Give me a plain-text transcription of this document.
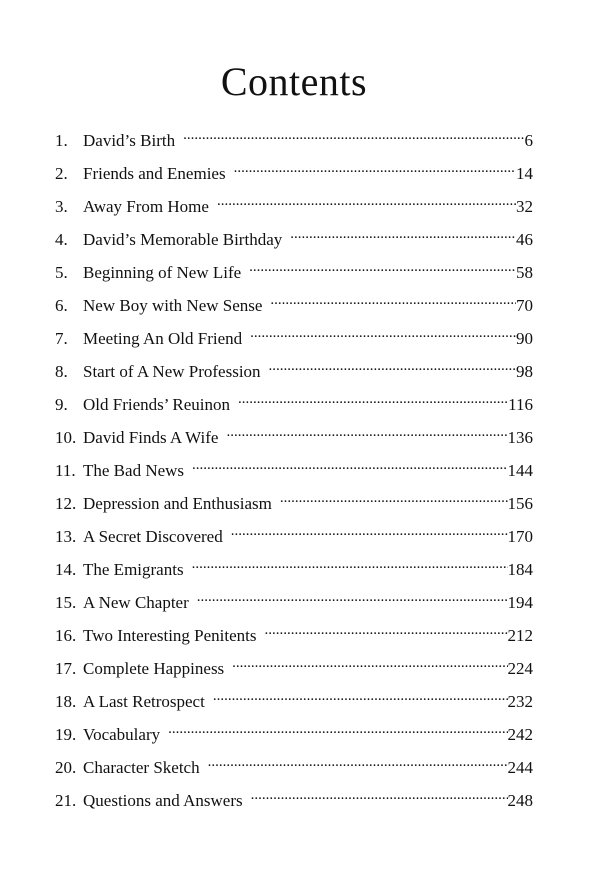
Contents
1. David’s Birth .....	6
2. Friends and Enemies .....	14
3. Away From Home .....	32
4. David’s Memorable Birthday .....	46
5. Beginning of New Life .....	58
6. New Boy with New Sense .....	70
7. Meeting An Old Friend .....	90
8. Start of A New Profession .....	98
9. Old Friends’ Reuinon .....	116
10. David Finds A Wife .....	136
11. The Bad News .....	144
12. Depression and Enthusiasm .....	156
13. A Secret Discovered .....	170
14. The Emigrants .....	184
15. A New Chapter .....	194
16. Two Interesting Penitents .....	212
17. Complete Happiness .....	224
18. A Last Retrospect .....	232
19. Vocabulary .....	242
20. Character Sketch .....	244
21. Questions and Answers .....	248
